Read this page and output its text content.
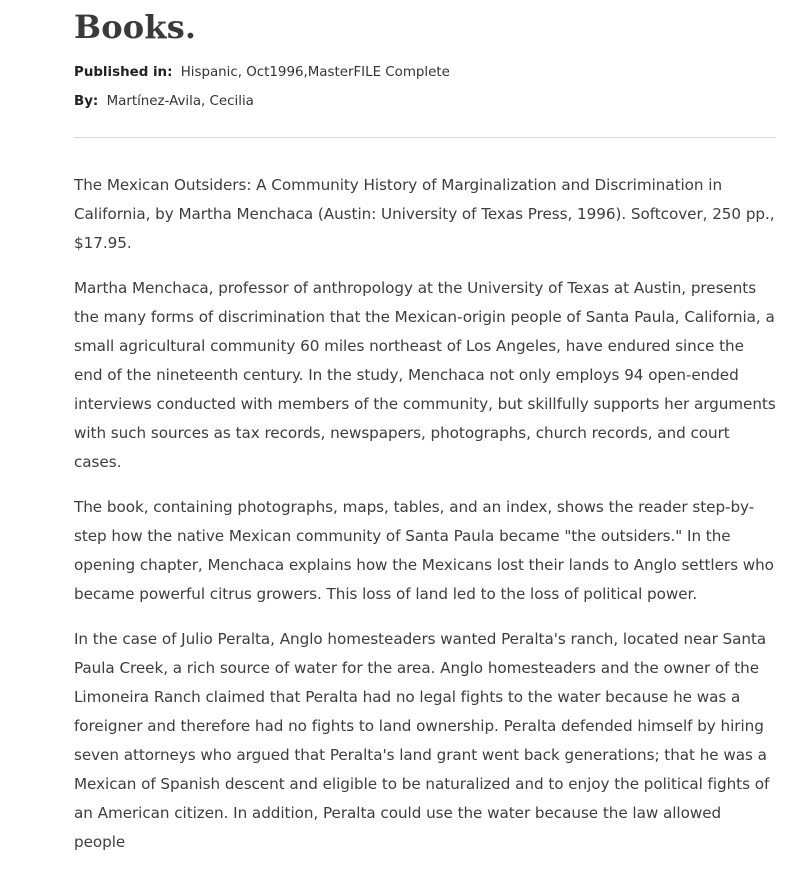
Books.
Published in: Hispanic, Oct1996,MasterFILE Complete
By: Martínez-Avila, Cecilia

The Mexican Outsiders: A Community History of Marginalization and Discrimination in California, by Martha Menchaca (Austin: University of Texas Press, 1996). Softcover, 250 pp., $17.95.

Martha Menchaca, professor of anthropology at the University of Texas at Austin, presents the many forms of discrimination that the Mexican-origin people of Santa Paula, California, a small agricultural community 60 miles northeast of Los Angeles, have endured since the end of the nineteenth century. In the study, Menchaca not only employs 94 open-ended interviews conducted with members of the community, but skillfully supports her arguments with such sources as tax records, newspapers, photographs, church records, and court cases.

The book, containing photographs, maps, tables, and an index, shows the reader step-by-step how the native Mexican community of Santa Paula became "the outsiders." In the opening chapter, Menchaca explains how the Mexicans lost their lands to Anglo settlers who became powerful citrus growers. This loss of land led to the loss of political power.

In the case of Julio Peralta, Anglo homesteaders wanted Peralta's ranch, located near Santa Paula Creek, a rich source of water for the area. Anglo homesteaders and the owner of the Limoneira Ranch claimed that Peralta had no legal fights to the water because he was a foreigner and therefore had no fights to land ownership. Peralta defended himself by hiring seven attorneys who argued that Peralta's land grant went back generations; that he was a Mexican of Spanish descent and eligible to be naturalized and to enjoy the political fights of an American citizen. In addition, Peralta could use the water because the law allowed people
